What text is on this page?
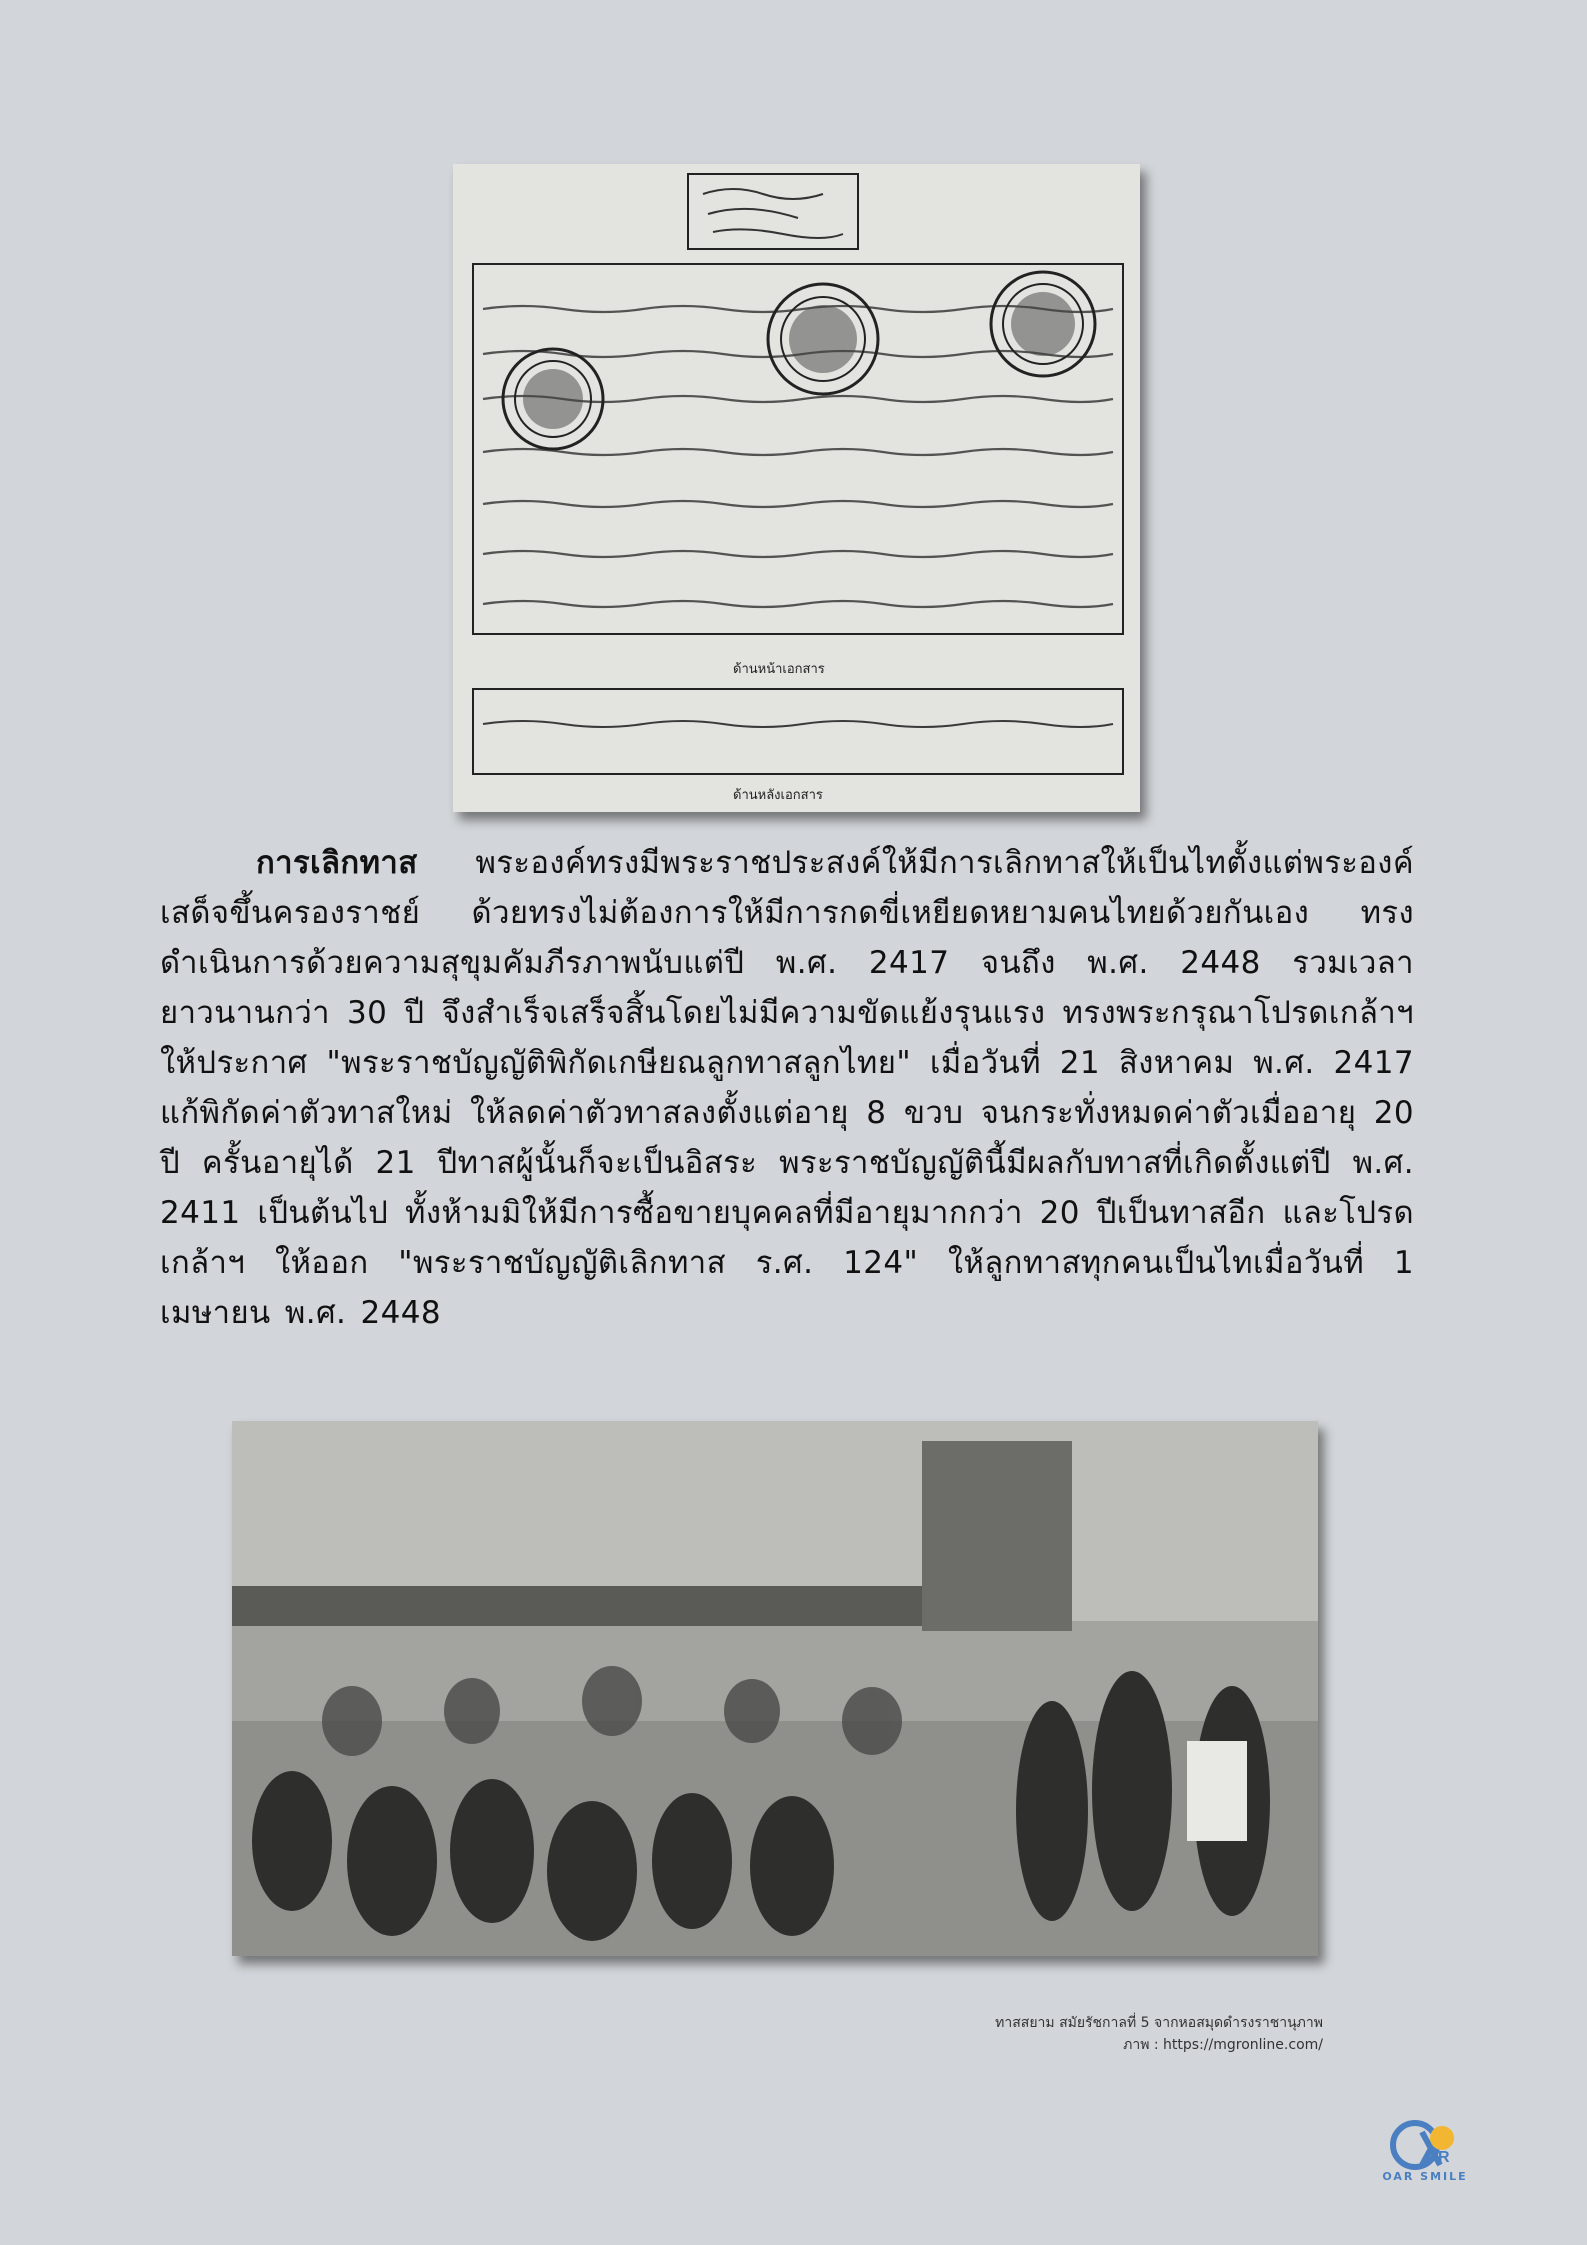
ด้านหน้าเอกสาร
ด้านหลังเอกสาร
การเลิกทาส พระองค์ทรงมีพระราชประสงค์ให้มีการเลิกทาสให้เป็นไทตั้งแต่พระองค์เสด็จขึ้นครองราชย์ ด้วยทรงไม่ต้องการให้มีการกดขี่เหยียดหยามคนไทยด้วยกันเอง ทรงดำเนินการด้วยความสุขุมคัมภีรภาพนับแต่ปี พ.ศ. 2417 จนถึง พ.ศ. 2448 รวมเวลายาวนานกว่า 30 ปี จึงสำเร็จเสร็จสิ้นโดยไม่มีความขัดแย้งรุนแรง ทรงพระกรุณาโปรดเกล้าฯ ให้ประกาศ "พระราชบัญญัติพิกัดเกษียณลูกทาสลูกไทย" เมื่อวันที่ 21 สิงหาคม พ.ศ. 2417 แก้พิกัดค่าตัวทาสใหม่ ให้ลดค่าตัวทาสลงตั้งแต่อายุ 8 ขวบ จนกระทั่งหมดค่าตัวเมื่ออายุ 20 ปี ครั้นอายุได้ 21 ปีทาสผู้นั้นก็จะเป็นอิสระ พระราชบัญญัตินี้มีผลกับทาสที่เกิดตั้งแต่ปี พ.ศ. 2411 เป็นต้นไป ทั้งห้ามมิให้มีการซื้อขายบุคคลที่มีอายุมากกว่า 20 ปีเป็นทาสอีก และโปรดเกล้าฯ ให้ออก "พระราชบัญญัติเลิกทาส ร.ศ. 124" ให้ลูกทาสทุกคนเป็นไทเมื่อวันที่ 1 เมษายน พ.ศ. 2448
ทาสสยาม สมัยรัชกาลที่ 5 จากหอสมุดดำรงราชานุภาพ
ภาพ : https://mgronline.com/
R
OAR SMILE
